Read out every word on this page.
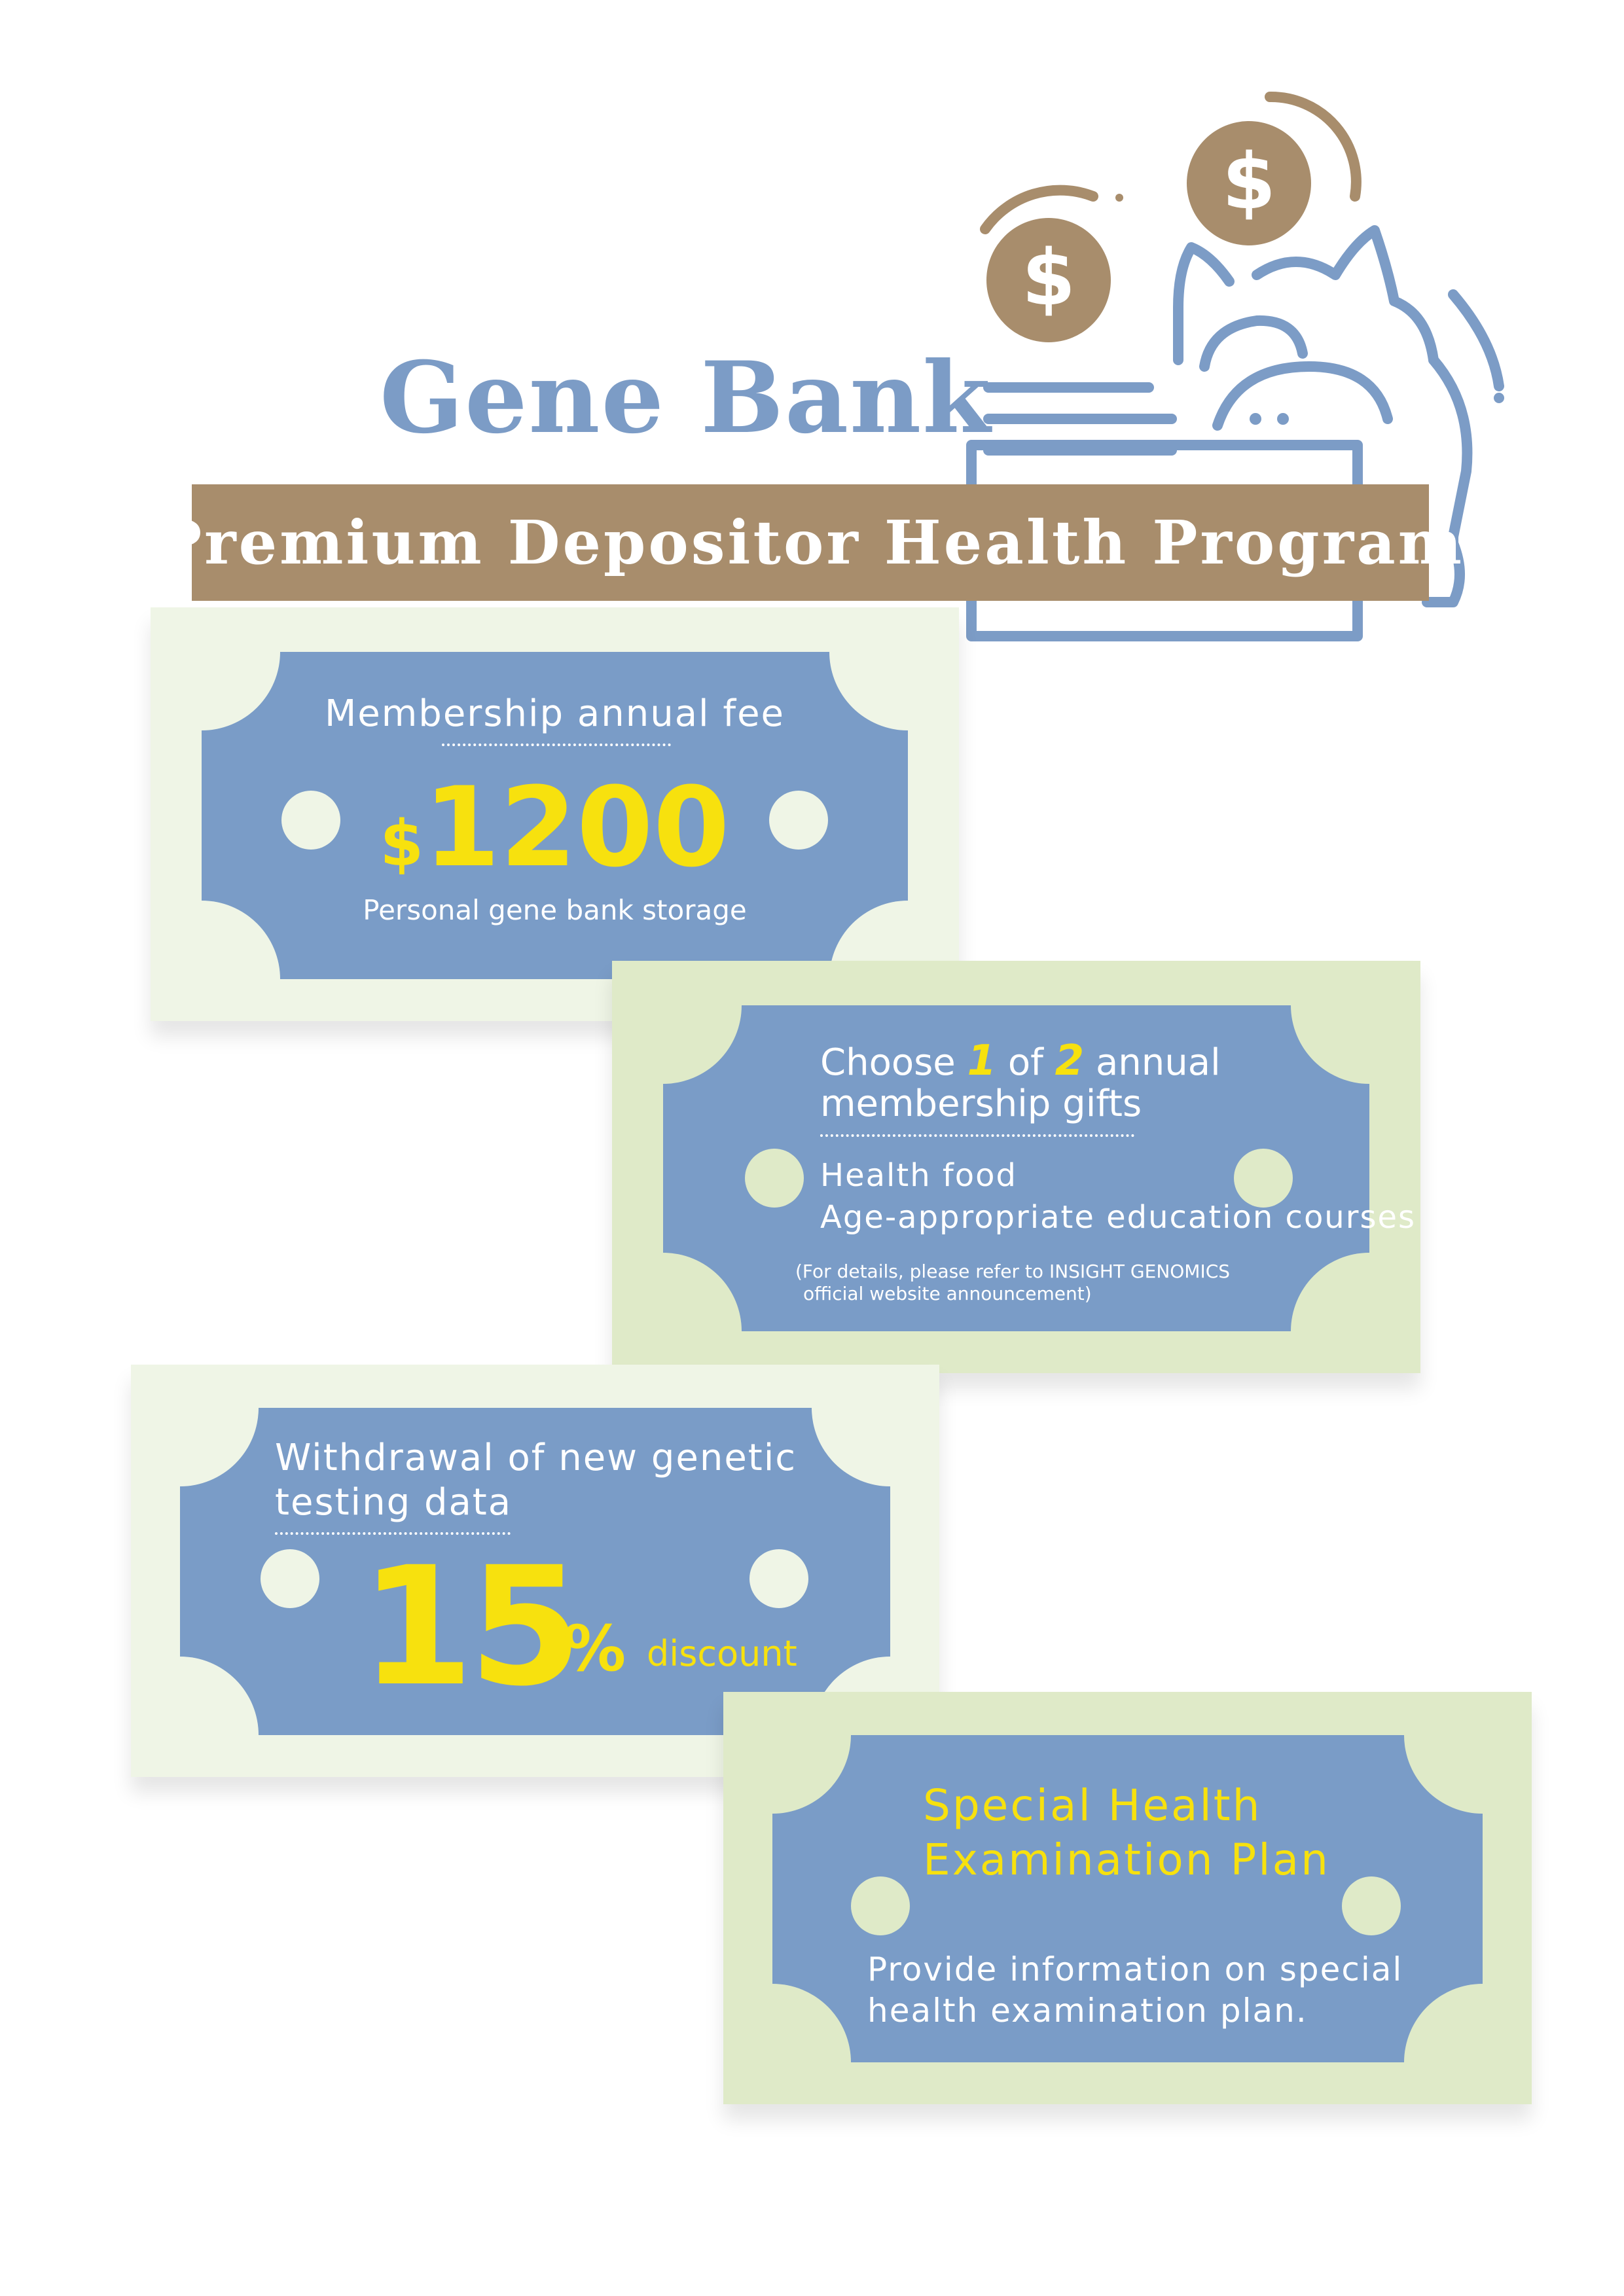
$
$
Gene Bank
Premium Depositor Health Program
Membership annual fee
$1200
Personal gene bank storage
Choose 1 of 2 annual
membership gifts
Health food
Age-appropriate education courses
(For details, please refer to INSIGHT GENOMICS
official website announcement)
Withdrawal of new genetic
testing data
15
% discount
Special Health
Examination Plan
Provide information on special
health examination plan.
